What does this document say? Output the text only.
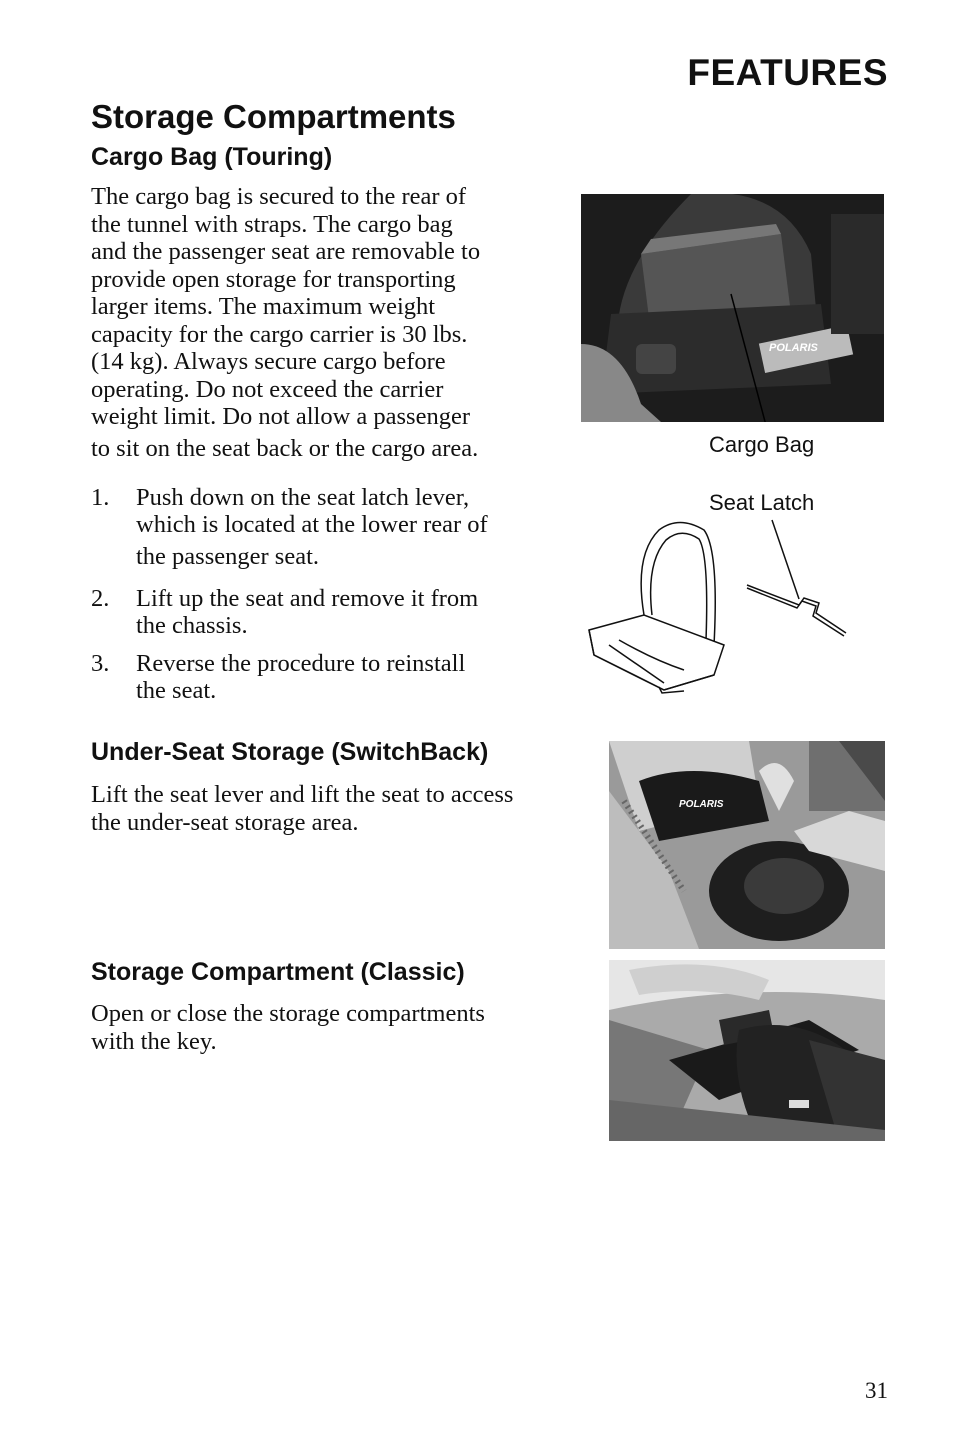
FEATURES
Storage Compartments
Cargo Bag (Touring)
The cargo bag is secured to the rear of
the tunnel with straps. The cargo bag
and the passenger seat are removable to
provide open storage for transporting
larger items. The maximum weight
capacity for the cargo carrier is 30 lbs.
(14 kg). Always secure cargo before
operating. Do not exceed the carrier
weight limit. Do not allow a passenger
to sit on the seat back or the cargo area.
1. Push down on the seat latch lever,
which is located at the lower rear of
the passenger seat.
2. Lift up the seat and remove it from
the chassis.
3. Reverse the procedure to reinstall
the seat.
POLARIS
Cargo Bag
Seat Latch
Under-Seat Storage (SwitchBack)
Lift the seat lever and lift the seat to access
the under-seat storage area.
POLARIS
Storage Compartment (Classic)
Open or close the storage compartments
with the key.
31
